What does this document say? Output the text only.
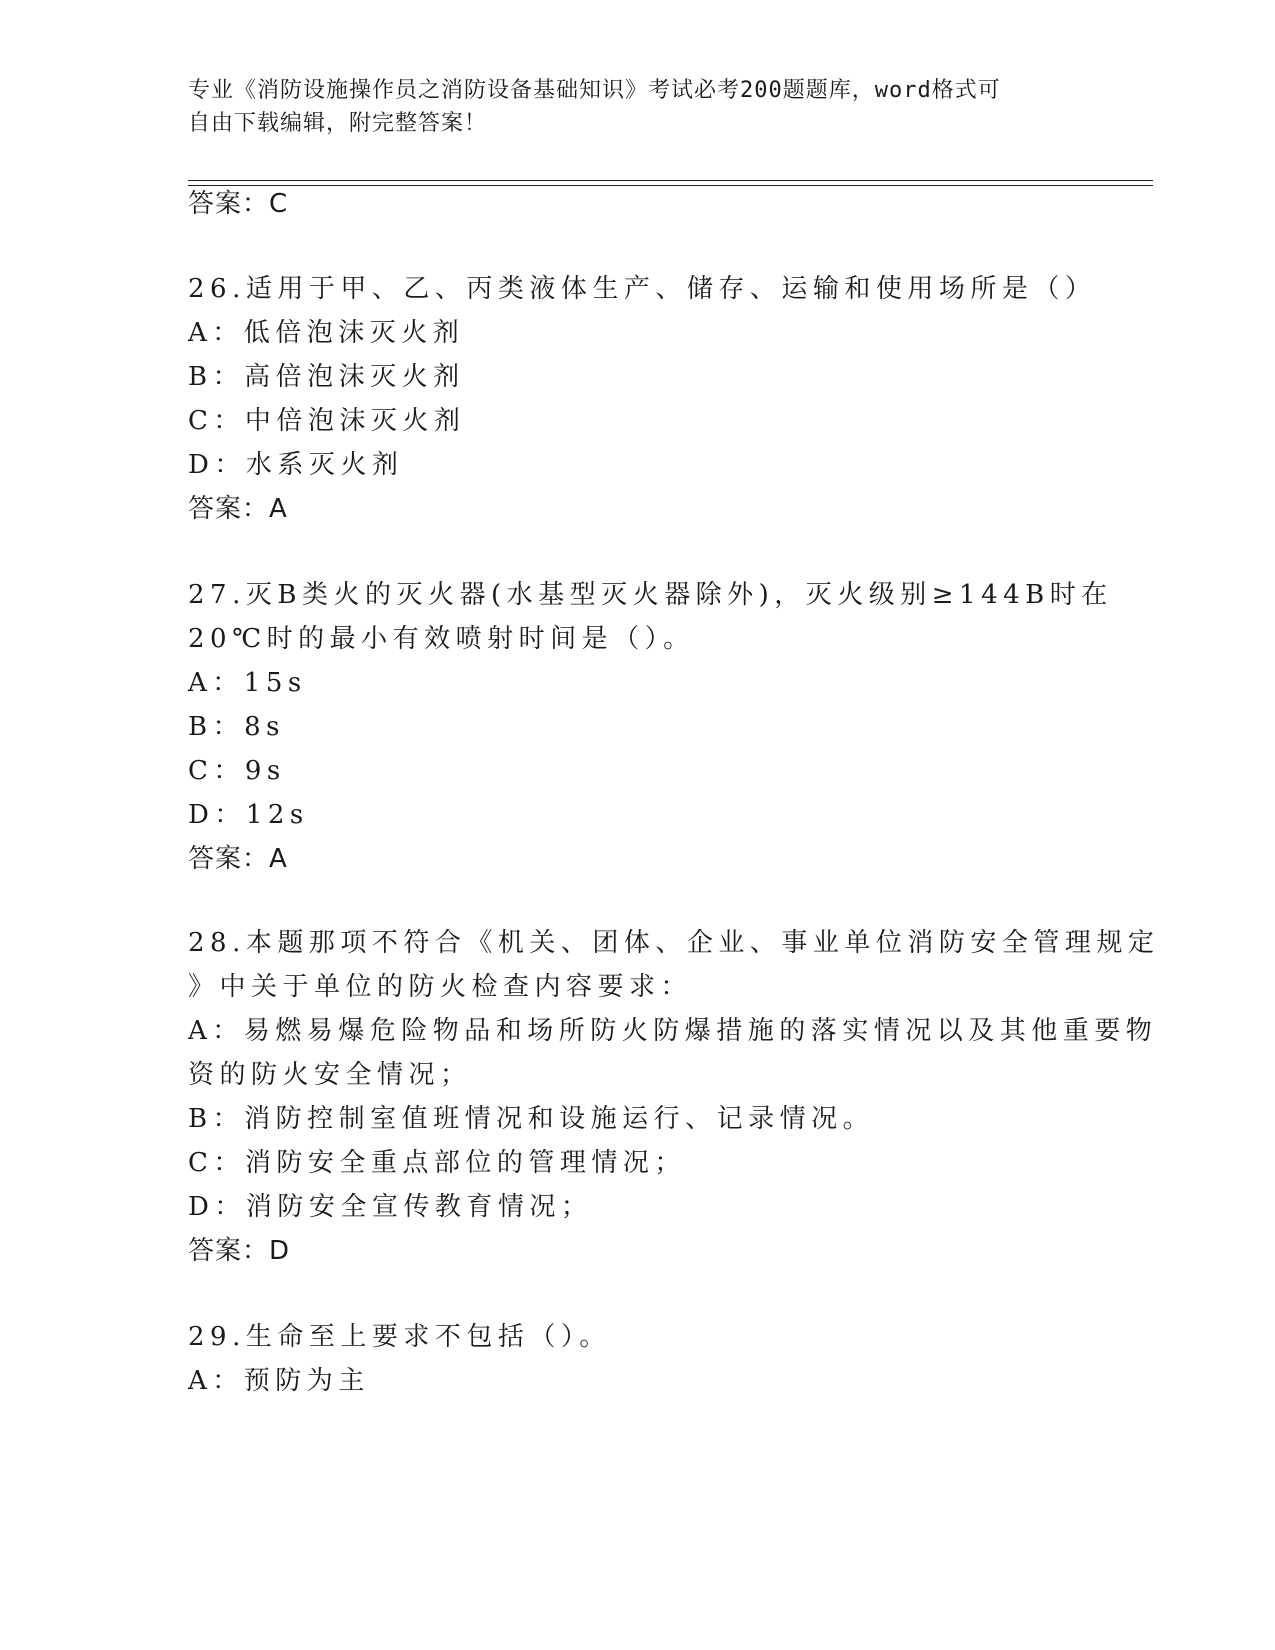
专业《消防设施操作员之消防设备基础知识》考试必考200题题库，word格式可
自由下载编辑，附完整答案！
答案：C
26.适用于甲、乙、丙类液体生产、储存、运输和使用场所是（）
A：低倍泡沫灭火剂
B：高倍泡沫灭火剂
C：中倍泡沫灭火剂
D：水系灭火剂
答案：A
27.灭B类火的灭火器(水基型灭火器除外)，灭火级别≥144B时在
20℃时的最小有效喷射时间是（）。
A：15s
B：8s
C：9s
D：12s
答案：A
28.本题那项不符合《机关、团体、企业、事业单位消防安全管理规定
》中关于单位的防火检查内容要求：
A：易燃易爆危险物品和场所防火防爆措施的落实情况以及其他重要物
资的防火安全情况；
B：消防控制室值班情况和设施运行、记录情况。
C：消防安全重点部位的管理情况；
D：消防安全宣传教育情况；
答案：D
29.生命至上要求不包括（）。
A：预防为主
